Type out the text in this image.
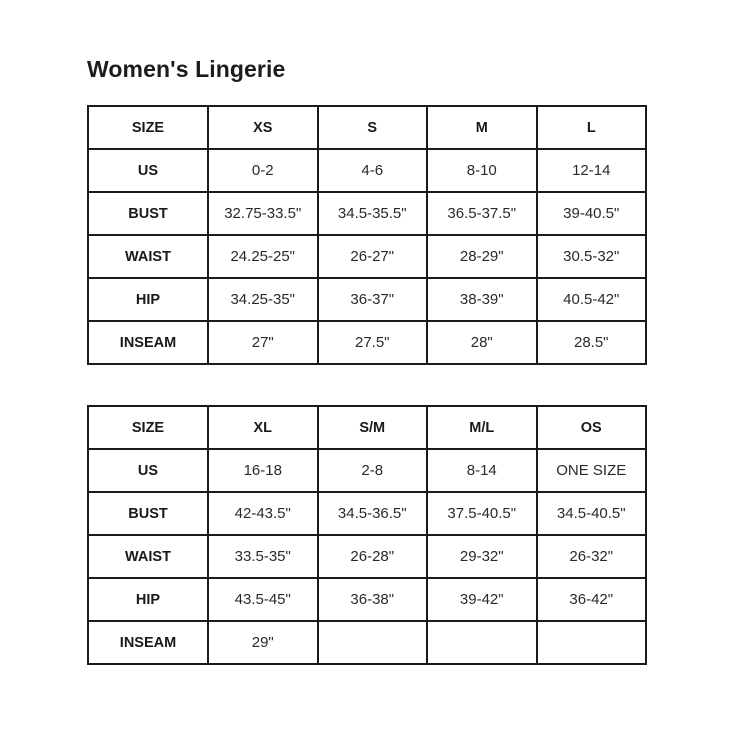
Women's Lingerie
SIZE	XS	S	M	L
US	0-2	4-6	8-10	12-14
BUST	32.75-33.5"	34.5-35.5"	36.5-37.5"	39-40.5"
WAIST	24.25-25"	26-27"	28-29"	30.5-32"
HIP	34.25-35"	36-37"	38-39"	40.5-42"
INSEAM	27"	27.5"	28"	28.5"
SIZE	XL	S/M	M/L	OS
US	16-18	2-8	8-14	ONE SIZE
BUST	42-43.5"	34.5-36.5"	37.5-40.5"	34.5-40.5"
WAIST	33.5-35"	26-28"	29-32"	26-32"
HIP	43.5-45"	36-38"	39-42"	36-42"
INSEAM	29"			
